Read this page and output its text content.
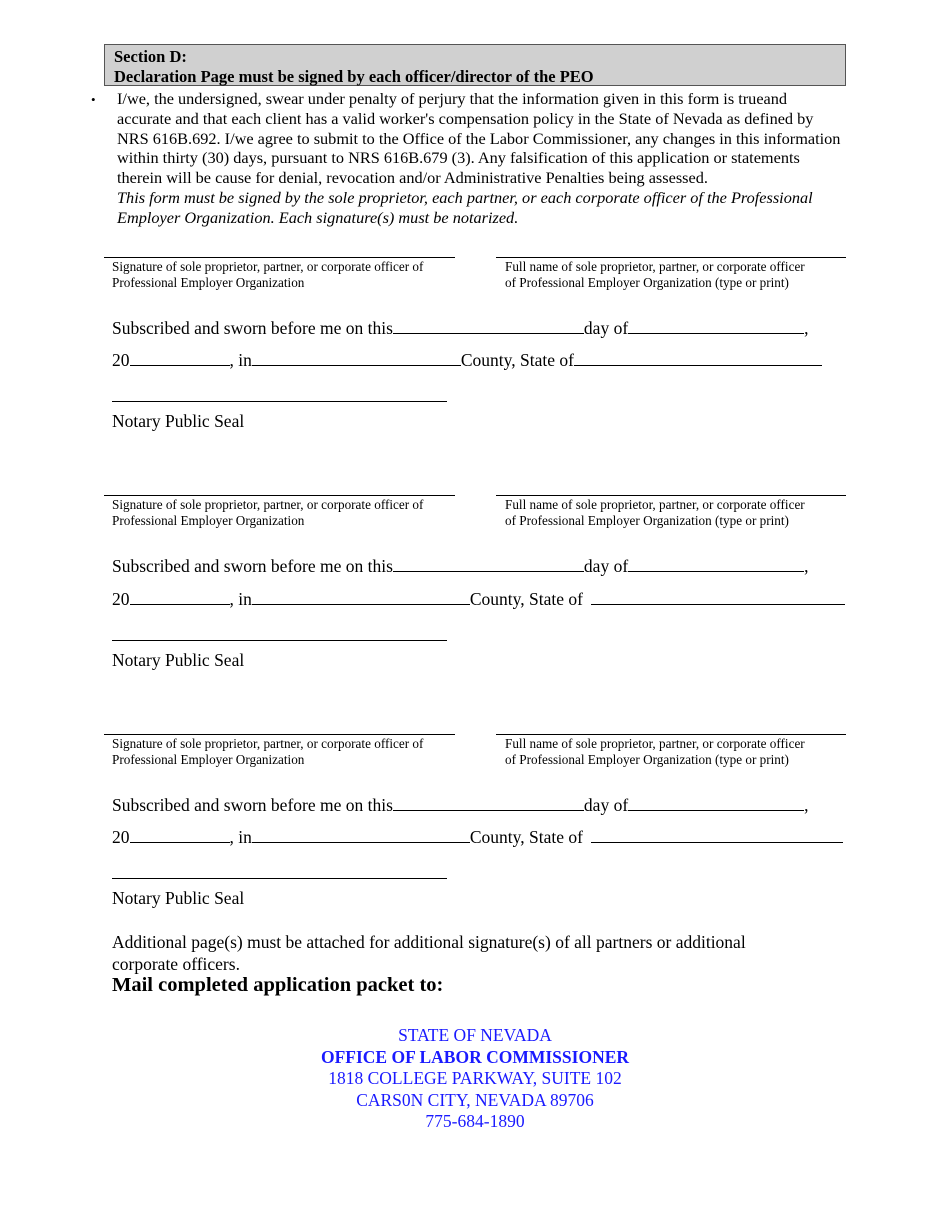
Section D:
Declaration Page must be signed by each officer/director of the PEO
• I/we, the undersigned, swear under penalty of perjury that the information given in this form is trueand
accurate and that each client has a valid worker's compensation policy in the State of Nevada as defined by
NRS 616B.692. I/we agree to submit to the Office of the Labor Commissioner, any changes in this information
within thirty (30) days, pursuant to NRS 616B.679 (3). Any falsification of this application or statements
therein will be cause for denial, revocation and/or Administrative Penalties being assessed.
This form must be signed by the sole proprietor, each partner, or each corporate officer of the Professional
Employer Organization. Each signature(s) must be notarized.
Signature of sole proprietor, partner, or corporate officer of
Professional Employer Organization
Full name of sole proprietor, partner, or corporate officer
of Professional Employer Organization (type or print)
Subscribed and sworn before me on this	day of	,
20	, in	County, State of
Notary Public Seal
Signature of sole proprietor, partner, or corporate officer of
Professional Employer Organization
Full name of sole proprietor, partner, or corporate officer
of Professional Employer Organization (type or print)
Subscribed and sworn before me on this	day of	,
20	, in	County, State of
Notary Public Seal
Signature of sole proprietor, partner, or corporate officer of
Professional Employer Organization
Full name of sole proprietor, partner, or corporate officer
of Professional Employer Organization (type or print)
Subscribed and sworn before me on this	day of	,
20	, in	County, State of
Notary Public Seal
Additional page(s) must be attached for additional signature(s) of all partners or additional
corporate officers.
Mail completed application packet to:
STATE OF NEVADA
OFFICE OF LABOR COMMISSIONER
1818 COLLEGE PARKWAY, SUITE 102
CARS0N CITY, NEVADA 89706
775-684-1890
